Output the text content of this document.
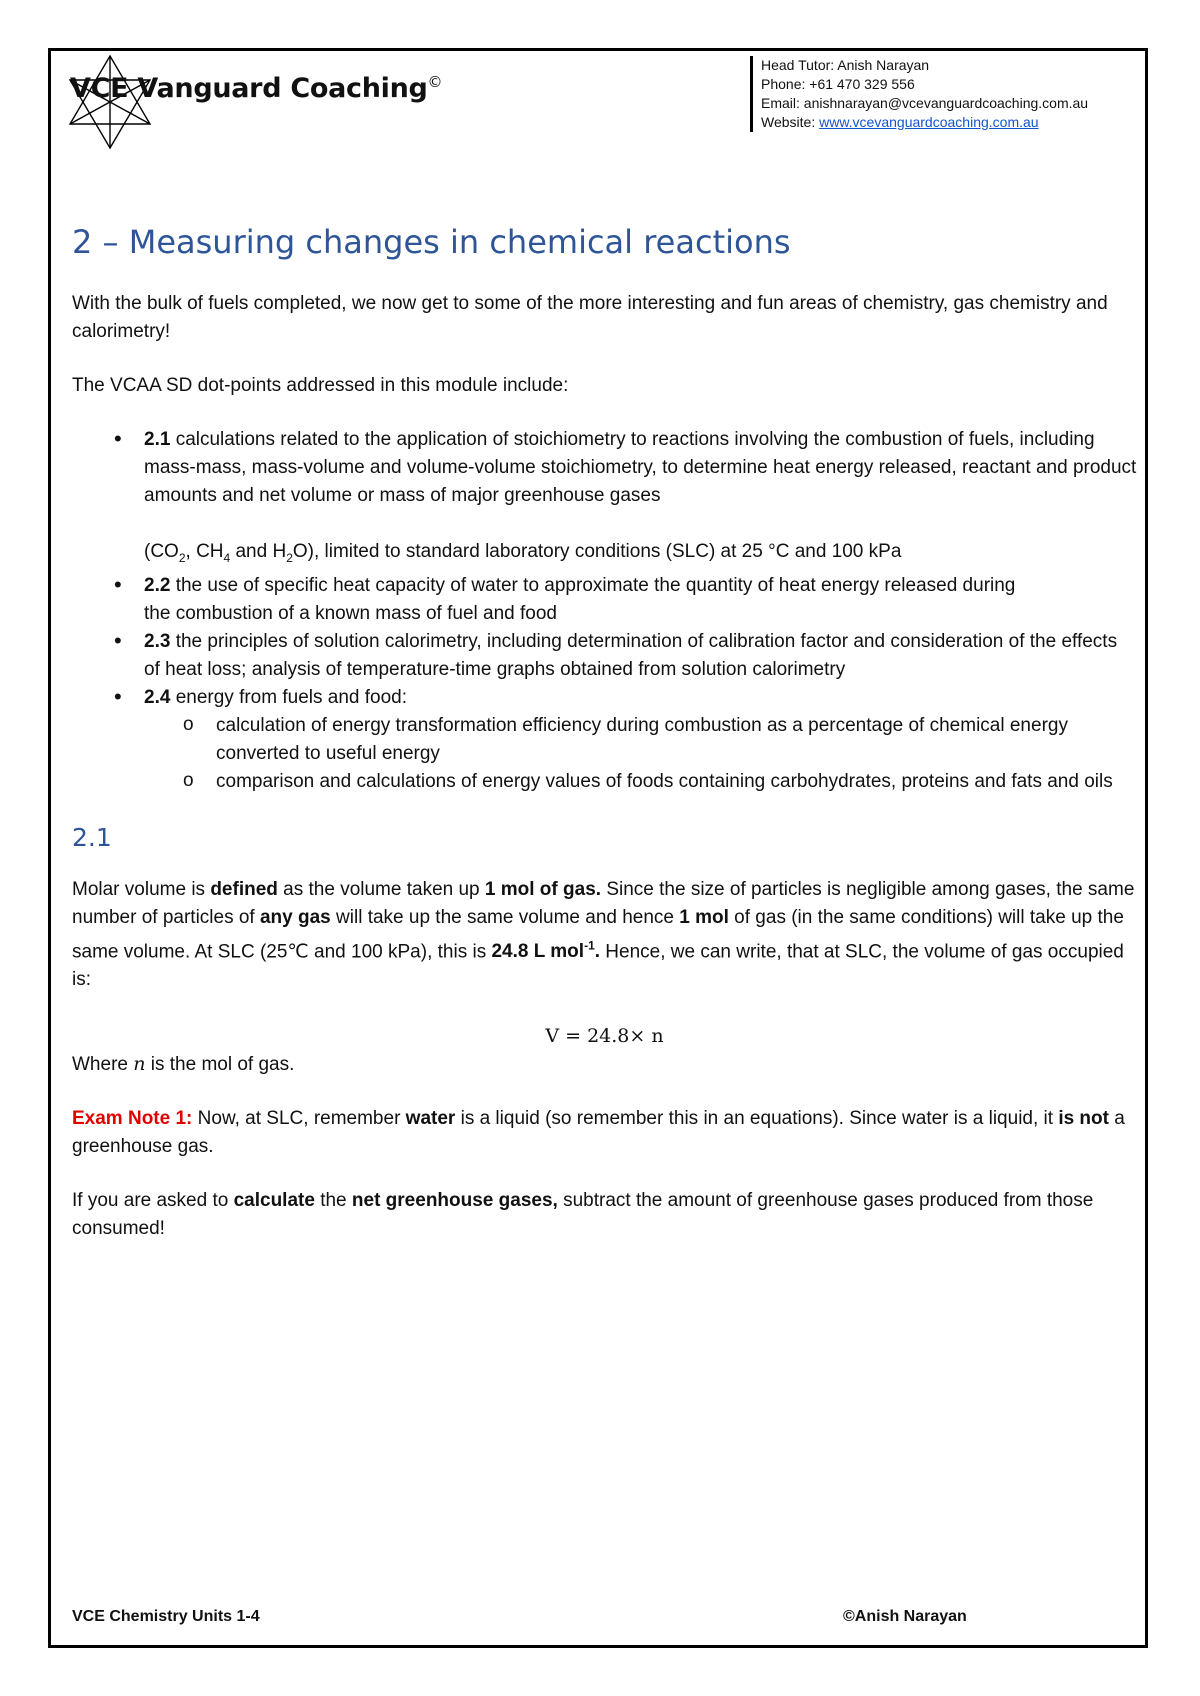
VCE Vanguard Coaching©
Head Tutor: Anish Narayan
Phone: +61 470 329 556
Email: anishnarayan@vcevanguardcoaching.com.au
Website: www.vcevanguardcoaching.com.au
2 – Measuring changes in chemical reactions

With the bulk of fuels completed, we now get to some of the more interesting and fun areas of chemistry, gas chemistry and calorimetry!

The VCAA SD dot-points addressed in this module include:

• 2.1 calculations related to the application of stoichiometry to reactions involving the combustion of fuels, including mass-mass, mass-volume and volume-volume stoichiometry, to determine heat energy released, reactant and product amounts and net volume or mass of major greenhouse gases
($CO_2$, $CH_4$ and $H_2O$), limited to standard laboratory conditions (SLC) at 25 °C and 100 kPa
• 2.2 the use of specific heat capacity of water to approximate the quantity of heat energy released during
the combustion of a known mass of fuel and food
• 2.3 the principles of solution calorimetry, including determination of calibration factor and consideration of the effects of heat loss; analysis of temperature-time graphs obtained from solution calorimetry
• 2.4 energy from fuels and food:
o calculation of energy transformation efficiency during combustion as a percentage of chemical energy converted to useful energy
o comparison and calculations of energy values of foods containing carbohydrates, proteins and fats and oils
2.1

Molar volume is defined as the volume taken up 1 mol of gas. Since the size of particles is negligible among gases, the same number of particles of any gas will take up the same volume and hence 1 mol of gas (in the same conditions) will take up the same volume. At SLC (25℃ and 100 kPa), this is 24.8 L mol$^{-1}$. Hence, we can write, that at SLC, the volume of gas occupied is:

V = 24.8× n

Where n is the mol of gas.

Exam Note 1: Now, at SLC, remember water is a liquid (so remember this in an equations). Since water is a liquid, it is not a greenhouse gas.

If you are asked to calculate the net greenhouse gases, subtract the amount of greenhouse gases produced from those consumed!

VCE Chemistry Units 1-4	©Anish Narayan
